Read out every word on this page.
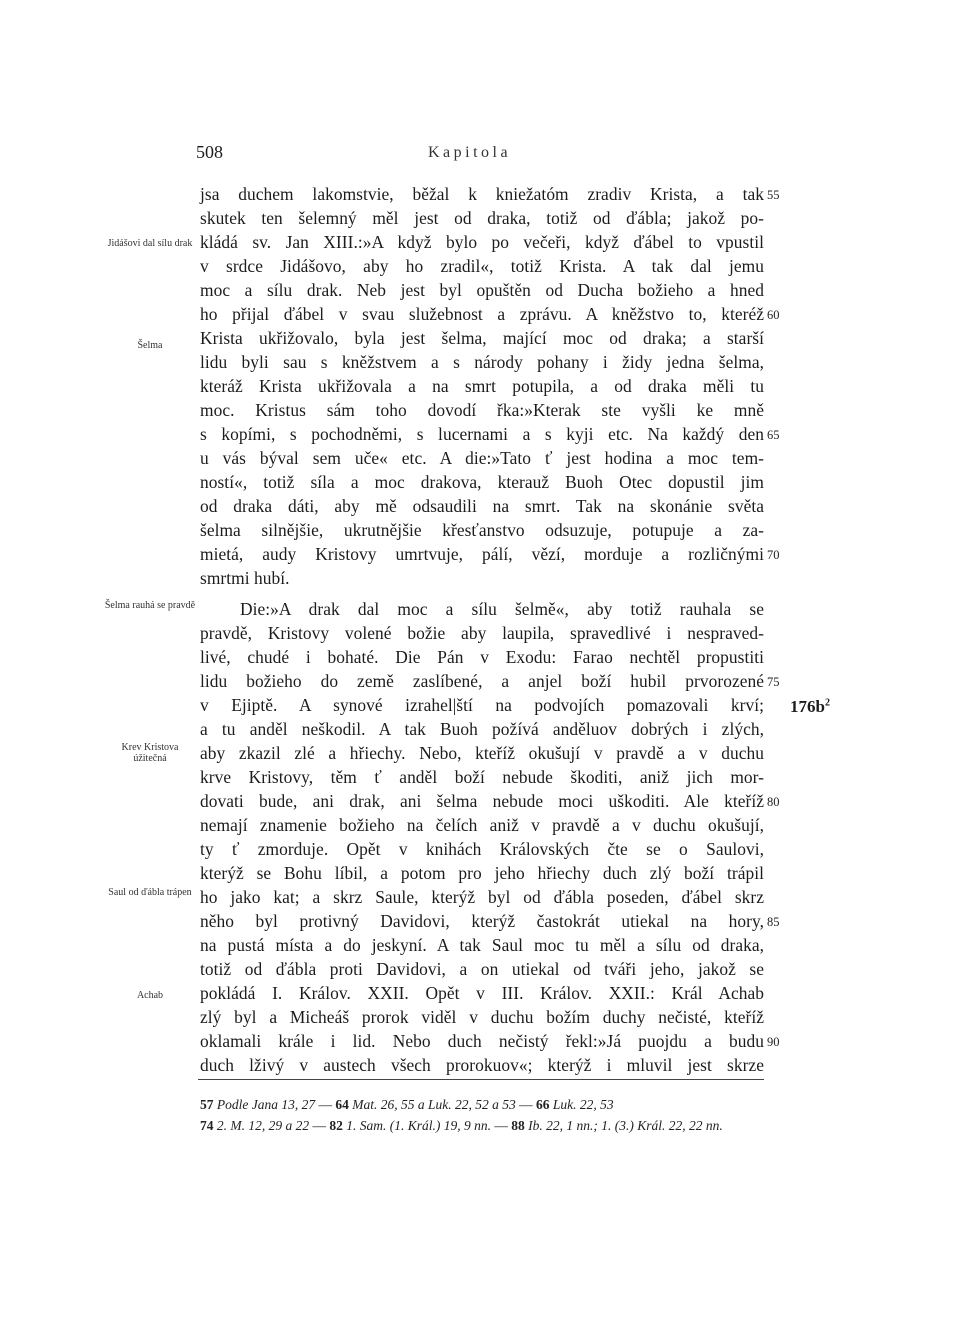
508	Kapitola
jsa duchem lakomstvie, běžal k kniežatóm zradiv Krista, a tak
skutek ten šelemný měl jest od draka, totiž od ďábla; jakož po-
kládá sv. Jan XIII.:»A když bylo po večeři, když ďábel to vpustil
v srdce Jidášovo, aby ho zradil«, totiž Krista. A tak dal jemu
moc a sílu drak. Neb jest byl opuštěn od Ducha božieho a hned
ho přijal ďábel v svau služebnost a zprávu. A kněžstvo to, kteréž
Krista ukřižovalo, byla jest šelma, mající moc od draka; a starší
lidu byli sau s kněžstvem a s národy pohany i židy jedna šelma,
kteráž Krista ukřižovala a na smrt potupila, a od draka měli tu
moc. Kristus sám toho dovodí řka:»Kterak ste vyšli ke mně
s kopími, s pochodněmi, s lucernami a s kyji etc. Na každý den
u vás býval sem uče« etc. A die:»Tato ť jest hodina a moc tem-
ností«, totiž síla a moc drakova, kterauž Buoh Otec dopustil jim
od draka dáti, aby mě odsaudili na smrt. Tak na skonánie světa
šelma silnějšie, ukrutnějšie křesťanstvo odsuzuje, potupuje a za-
mietá, audy Kristovy umrtvuje, pálí, vězí, morduje a rozličnými
smrtmi hubí.
Die:»A drak dal moc a sílu šelmě«, aby totiž rauhala se
pravdě, Kristovy volené božie aby laupila, spravedlivé i nespraved-
livé, chudé i bohaté. Die Pán v Exodu: Farao nechtěl propustiti
lidu božieho do země zaslíbené, a anjel boží hubil prvorozené
v Ejiptě. A synové izrahel|ští na podvojích pomazovali krví;
a tu anděl neškodil. A tak Buoh požívá anděluov dobrých i zlých,
aby zkazil zlé a hřiechy. Nebo, kteříž okušují v pravdě a v duchu
krve Kristovy, těm ť anděl boží nebude škoditi, aniž jich mor-
dovati bude, ani drak, ani šelma nebude moci uškoditi. Ale kteříž
nemají znamenie božieho na čelích aniž v pravdě a v duchu okušují,
ty ť zmorduje. Opět v knihách Královských čte se o Saulovi,
kterýž se Bohu líbil, a potom pro jeho hřiechy duch zlý boží trápil
ho jako kat; a skrz Saule, kterýž byl od ďábla poseden, ďábel skrz
něho byl protivný Davidovi, kterýž častokrát utiekal na hory,
na pustá místa a do jeskyní. A tak Saul moc tu měl a sílu od draka,
totiž od ďábla proti Davidovi, a on utiekal od tváři jeho, jakož se
pokládá I. Králov. XXII. Opět v III. Králov. XXII.: Král Achab
zlý byl a Micheáš prorok viděl v duchu božím duchy nečisté, kteříž
oklamali krále i lid. Nebo duch nečistý řekl:»Já puojdu a budu
duch lživý v austech všech prorokuov«; kterýž i mluvil jest skrze
55
60
65
70
75
80
85
90
Jidášovi dal sílu drak
Šelma
Šelma rauhá se pravdě
Krev Kristova úžitečná
Saul od ďábla trápen
Achab
$176b^2$
57 Podle Jana 13, 27 — 64 Mat. 26, 55 a Luk. 22, 52 a 53 — 66 Luk. 22, 53
74 2. M. 12, 29 a 22 — 82 1. Sam. (1. Král.) 19, 9 nn. — 88 Ib. 22, 1 nn.; 1. (3.) Král. 22, 22 nn.
